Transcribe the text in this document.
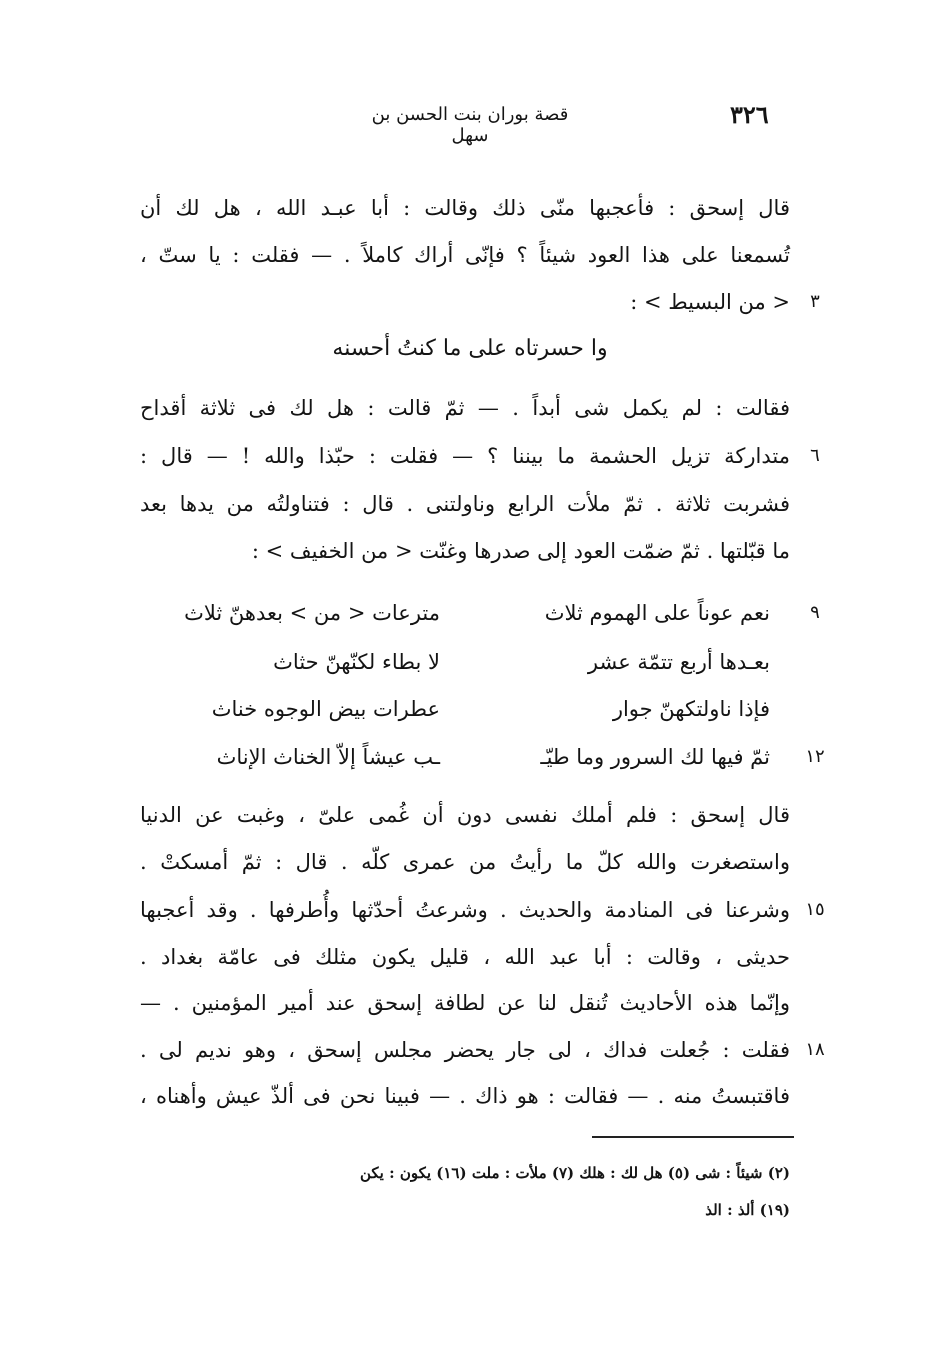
٣٢٦
قصة بوران بنت الحسن بن سهل
قال إسحق : فأعجبها منّى ذلك وقالت : أبا عبـد الله ، هل لك أن
تُسمعنا على هذا العود شيئاً ؟ فإنّى أراك كاملاً . — فقلت : يا ستّ ،
< من البسيط > :	٣
وا حسرتاه على ما كنتُ أحسنه
فقالت : لم يكمل شى أبداً . — ثمّ قالت : هل لك فى ثلاثة أقداح
متداركة تزيل الحشمة ما بيننا ؟ — فقلت : حبّذا والله ! — قال :	٦
فشربت ثلاثة . ثمّ ملأت الرابع وناولتنى . قال : فتناولتُه من يدها بعد
ما قبّلتها . ثمّ ضمّت العود إلى صدرها وغنّت < من الخفيف > :
٩
نعم عوناً على الهموم ثلاث
مترعات < من > بعدهنّ ثلاث
بعـدها أربع تتمّة عشر
لا بطاء لكنّهنّ حثاث
فإذا ناولتكهنّ جوار
عطرات بيض الوجوه خناث
١٢
ثمّ فيها لك السرور وما طيّـ
ـب عيشاً إلاّ الخناث الإناث
قال إسحق : فلم أملك نفسى دون أن غُمى علىّ ، وغبت عن الدنيا
واستصغرت والله كلّ ما رأيتُ من عمرى كلّه . قال : ثمّ أمسكتْ .
وشرعنا فى المنادمة والحديث . وشرعتُ أحدّثها وأُطرفها . وقد أعجبها ١٥
حديثى ، وقالت : أبا عبد الله ، قليل يكون مثلك فى عامّة بغداد .
وإنّما هذه الأحاديث تُنقل لنا عن لطافة إسحق عند أمير المؤمنين . —
فقلت : جُعلت فداك ، لى جار يحضر مجلس إسحق ، وهو نديم لى . ١٨
فاقتبستُ منه . — فقالت : هو ذاك . — فبينا نحن فى ألذّ عيش وأهناه ،
(٢) شيئاً : شى (٥) هل لك : هلك (٧) ملأت : ملت (١٦) يكون : يكن
(١٩) ألذ : الذ
